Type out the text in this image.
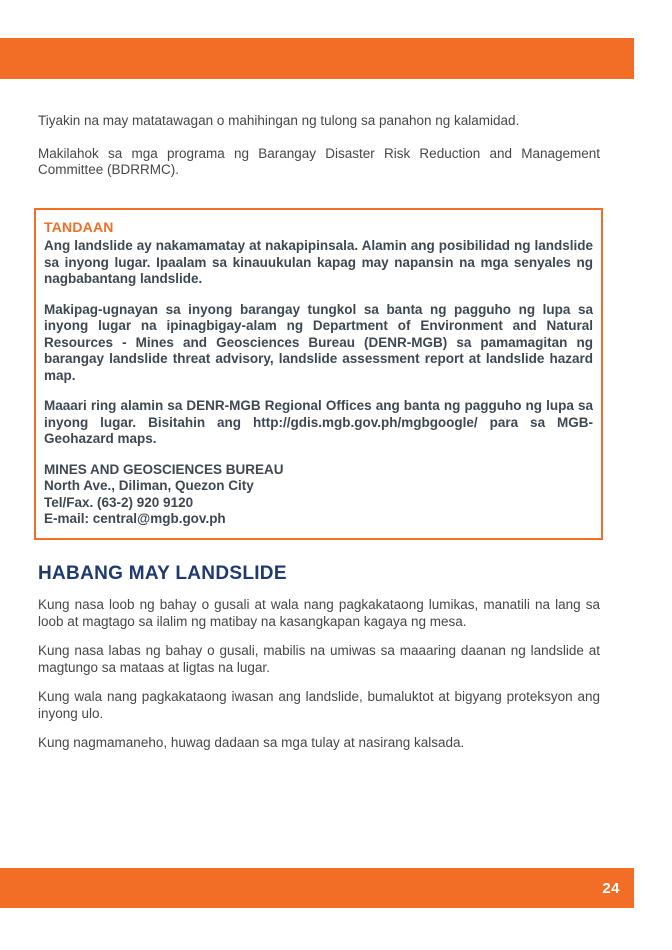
Tiyakin na may matatawagan o mahihingan ng tulong sa panahon ng kalamidad.

Makilahok sa mga programa ng Barangay Disaster Risk Reduction and Management Committee (BDRRMC).

TANDAAN

Ang landslide ay nakamamatay at nakapipinsala. Alamin ang posibilidad ng landslide sa inyong lugar. Ipaalam sa kinauukulan kapag may napansin na mga senyales ng nagbabantang landslide.

Makipag-ugnayan sa inyong barangay tungkol sa banta ng pagguho ng lupa sa inyong lugar na ipinagbigay-alam ng Department of Environment and Natural Resources - Mines and Geosciences Bureau (DENR-MGB) sa pamamagitan ng barangay landslide threat advisory, landslide assessment report at landslide hazard map.

Maaari ring alamin sa DENR-MGB Regional Offices ang banta ng pagguho ng lupa sa inyong lugar. Bisitahin ang http://gdis.mgb.gov.ph/mgbgoogle/ para sa MGB-Geohazard maps.

MINES AND GEOSCIENCES BUREAU

North Ave., Diliman, Quezon City

Tel/Fax. (63-2) 920 9120

E-mail: central@mgb.gov.ph

HABANG MAY LANDSLIDE

Kung nasa loob ng bahay o gusali at wala nang pagkakataong lumikas, manatili na lang sa loob at magtago sa ilalim ng matibay na kasangkapan kagaya ng mesa.

Kung nasa labas ng bahay o gusali, mabilis na umiwas sa maaaring daanan ng landslide at magtungo sa mataas at ligtas na lugar.

Kung wala nang pagkakataong iwasan ang landslide, bumaluktot at bigyang proteksyon ang inyong ulo.

Kung nagmamaneho, huwag dadaan sa mga tulay at nasirang kalsada.

24
